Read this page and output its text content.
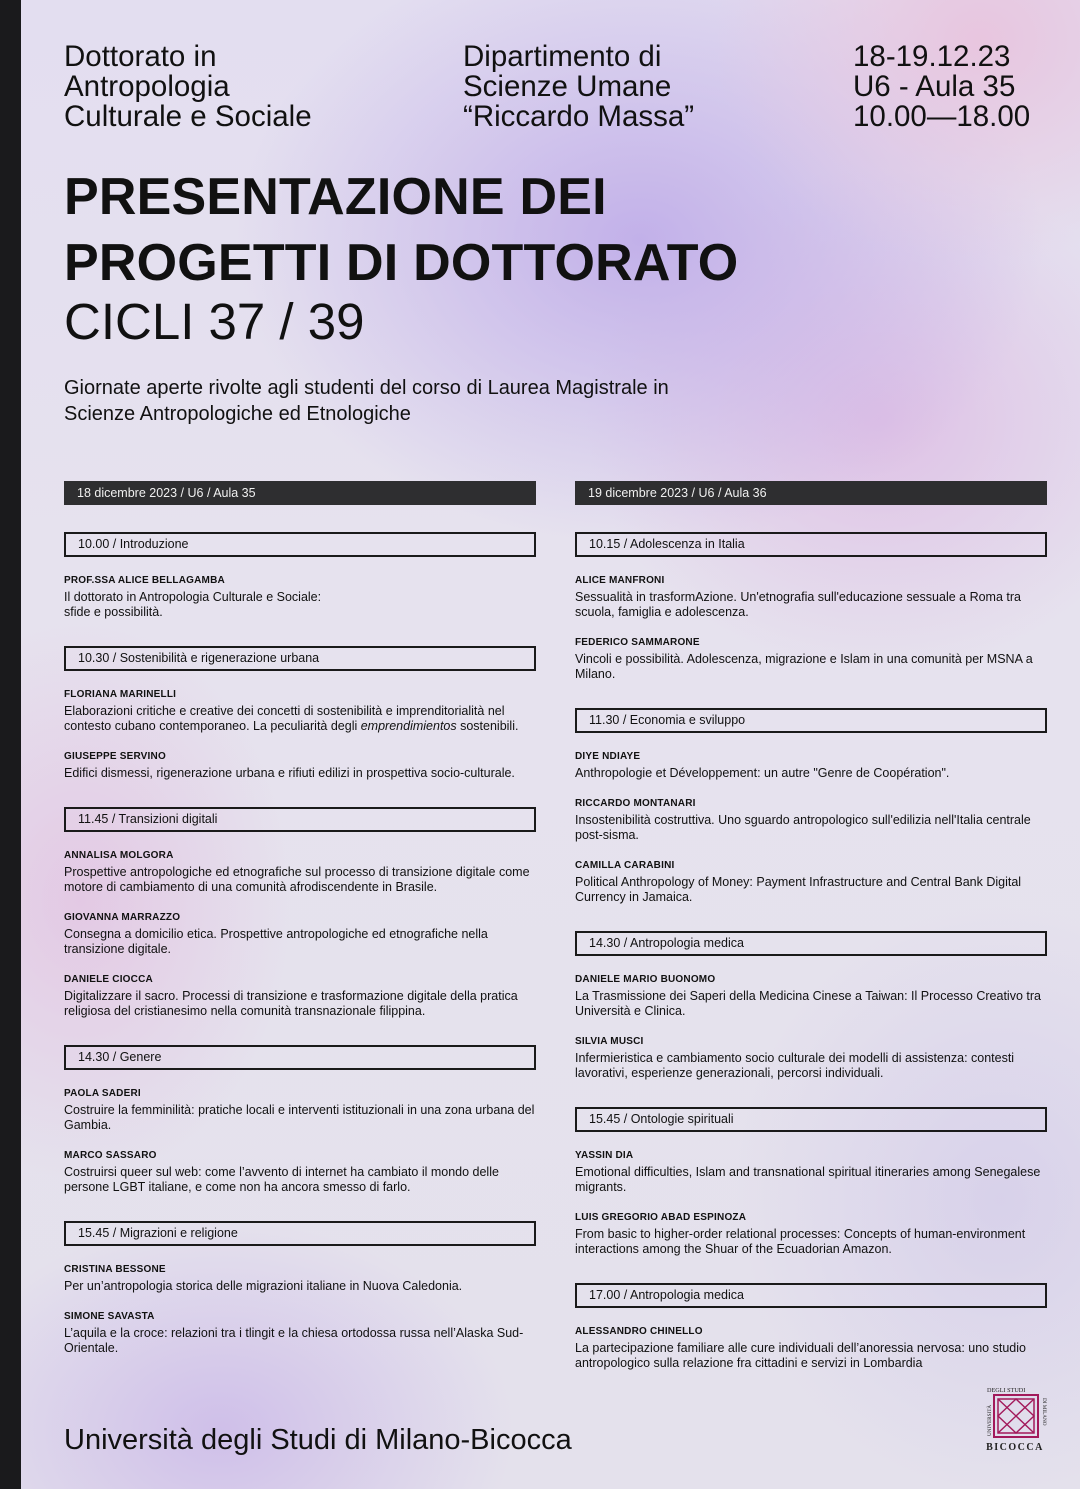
Dottorato in
Antropologia
Culturale e Sociale
Dipartimento di
Scienze Umane
“Riccardo Massa”
18-19.12.23
U6 - Aula 35
10.00—18.00
PRESENTAZIONE DEI
PROGETTI DI DOTTORATO
CICLI 37 / 39
Giornate aperte rivolte agli studenti del corso di Laurea Magistrale in
Scienze Antropologiche ed Etnologiche
18 dicembre 2023 / U6 / Aula 35
10.00 / Introduzione
PROF.SSA ALICE BELLAGAMBA
Il dottorato in Antropologia Culturale e Sociale:
sfide e possibilità.
10.30 / Sostenibilità e rigenerazione urbana
FLORIANA MARINELLI
Elaborazioni critiche e creative dei concetti di sostenibilità e imprenditorialità nel contesto cubano contemporaneo. La peculiarità degli emprendimientos sostenibili.
GIUSEPPE SERVINO
Edifici dismessi, rigenerazione urbana e rifiuti edilizi in prospettiva socio-culturale.
11.45 / Transizioni digitali
ANNALISA MOLGORA
Prospettive antropologiche ed etnografiche sul processo di transizione digitale come motore di cambiamento di una comunità afrodiscendente in Brasile.
GIOVANNA MARRAZZO
Consegna a domicilio etica. Prospettive antropologiche ed etnografiche nella transizione digitale.
DANIELE CIOCCA
Digitalizzare il sacro. Processi di transizione e trasformazione digitale della pratica religiosa del cristianesimo nella comunità transnazionale filippina.
14.30 / Genere
PAOLA SADERI
Costruire la femminilità: pratiche locali e interventi istituzionali in una zona urbana del Gambia.
MARCO SASSARO
Costruirsi queer sul web: come l’avvento di internet ha cambiato il mondo delle persone LGBT italiane, e come non ha ancora smesso di farlo.
15.45 / Migrazioni e religione
CRISTINA BESSONE
Per un’antropologia storica delle migrazioni italiane in Nuova Caledonia.
SIMONE SAVASTA
L’aquila e la croce: relazioni tra i tlingit e la chiesa ortodossa russa nell’Alaska Sud-Orientale.
19 dicembre 2023 / U6 / Aula 36
10.15 / Adolescenza in Italia
ALICE MANFRONI
Sessualità in trasformAzione. Un'etnografia sull'educazione sessuale a Roma tra scuola, famiglia e adolescenza.
FEDERICO SAMMARONE
Vincoli e possibilità. Adolescenza, migrazione e Islam in una comunità per MSNA a Milano.
11.30 / Economia e sviluppo
DIYE NDIAYE
Anthropologie et Développement: un autre "Genre de Coopération".
RICCARDO MONTANARI
Insostenibilità costruttiva. Uno sguardo antropologico sull'edilizia nell'Italia centrale post-sisma.
CAMILLA CARABINI
Political Anthropology of Money: Payment Infrastructure and Central Bank Digital Currency in Jamaica.
14.30 / Antropologia medica
DANIELE MARIO BUONOMO
La Trasmissione dei Saperi della Medicina Cinese a Taiwan: Il Processo Creativo tra Università e Clinica.
SILVIA MUSCI
Infermieristica e cambiamento socio culturale dei modelli di assistenza: contesti lavorativi, esperienze generazionali, percorsi individuali.
15.45 / Ontologie spirituali
YASSIN DIA
Emotional difficulties, Islam and transnational spiritual itineraries among Senegalese migrants.
LUIS GREGORIO ABAD ESPINOZA
From basic to higher-order relational processes: Concepts of human-environment interactions among the Shuar of the Ecuadorian Amazon.
17.00 / Antropologia medica
ALESSANDRO CHINELLO
La partecipazione familiare alle cure individuali dell’anoressia nervosa: uno studio antropologico sulla relazione fra cittadini e servizi in Lombardia
Università degli Studi di Milano-Bicocca
DEGLI STUDI
UNIVERSITÀ	DI MILANO
BICOCCA
